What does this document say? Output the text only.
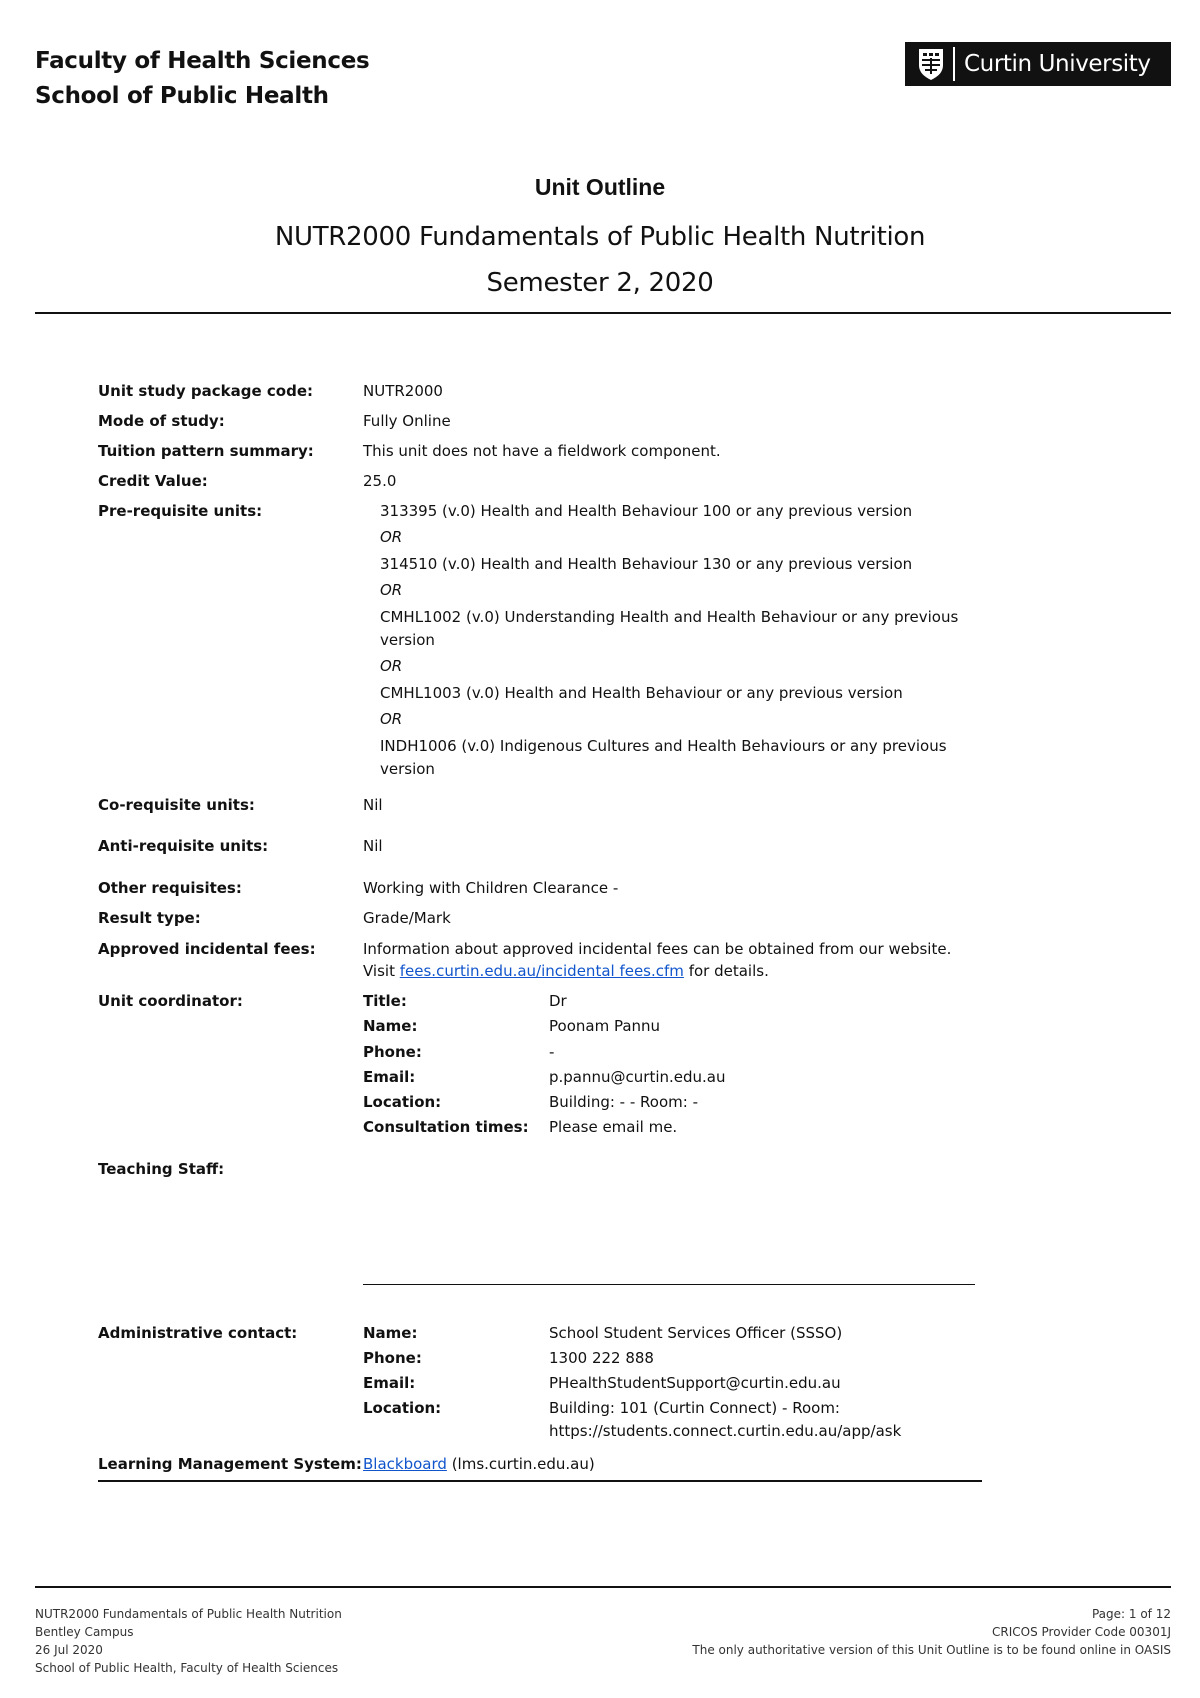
Faculty of Health Sciences
School of Public Health
Curtin University
Unit Outline
NUTR2000 Fundamentals of Public Health Nutrition
Semester 2, 2020
Unit study package code:	NUTR2000
Mode of study:	Fully Online
Tuition pattern summary:	This unit does not have a fieldwork component.
Credit Value:	25.0
Pre-requisite units:	313395 (v.0) Health and Health Behaviour 100 or any previous version
OR
314510 (v.0) Health and Health Behaviour 130 or any previous version
OR
CMHL1002 (v.0) Understanding Health and Health Behaviour or any previous
version
OR
CMHL1003 (v.0) Health and Health Behaviour or any previous version
OR
INDH1006 (v.0) Indigenous Cultures and Health Behaviours or any previous
version
Co-requisite units:	Nil
Anti-requisite units:	Nil
Other requisites:	Working with Children Clearance -
Result type:	Grade/Mark
Approved incidental fees:	Information about approved incidental fees can be obtained from our website.
Visit fees.curtin.edu.au/incidental fees.cfm for details.
Unit coordinator:	Title:	Dr
Name:	Poonam Pannu
Phone:	-
Email:	p.pannu@curtin.edu.au
Location:	Building: - - Room: -
Consultation times: Please email me.
Teaching Staff:
Administrative contact:	Name:	School Student Services Officer (SSSO)
Phone:	1300 222 888
Email:	PHealthStudentSupport@curtin.edu.au
Location:	Building: 101 (Curtin Connect) - Room:
https://students.connect.curtin.edu.au/app/ask
Learning Management System: Blackboard (lms.curtin.edu.au)
NUTR2000 Fundamentals of Public Health Nutrition
Bentley Campus
26 Jul 2020
School of Public Health, Faculty of Health Sciences
Page: 1 of 12
CRICOS Provider Code 00301J
The only authoritative version of this Unit Outline is to be found online in OASIS
